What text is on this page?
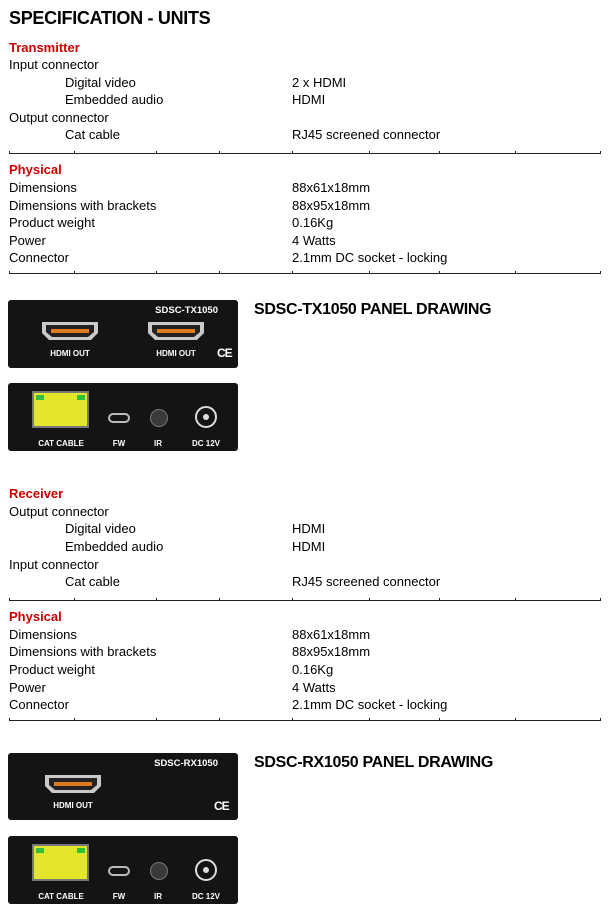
SPECIFICATION - UNITS
Transmitter
Input connector
Digital video	2 x HDMI
Embedded audio	HDMI
Output connector
Cat cable	RJ45 screened connector
Physical
Dimensions	88x61x18mm
Dimensions with brackets	88x95x18mm
Product weight	0.16Kg
Power	4 Watts
Connector	2.1mm DC socket - locking
SDSC-TX1050 PANEL DRAWING
SDSC-TX1050
HDMI OUT	HDMI OUT	CE
CAT CABLE	FW	IR	DC 12V
Receiver
Output connector
Digital video	HDMI
Embedded audio	HDMI
Input connector
Cat cable	RJ45 screened connector
Physical
Dimensions	88x61x18mm
Dimensions with brackets	88x95x18mm
Product weight	0.16Kg
Power	4 Watts
Connector	2.1mm DC socket - locking
SDSC-RX1050 PANEL DRAWING
SDSC-RX1050
HDMI OUT	CE
CAT CABLE	FW	IR	DC 12V
